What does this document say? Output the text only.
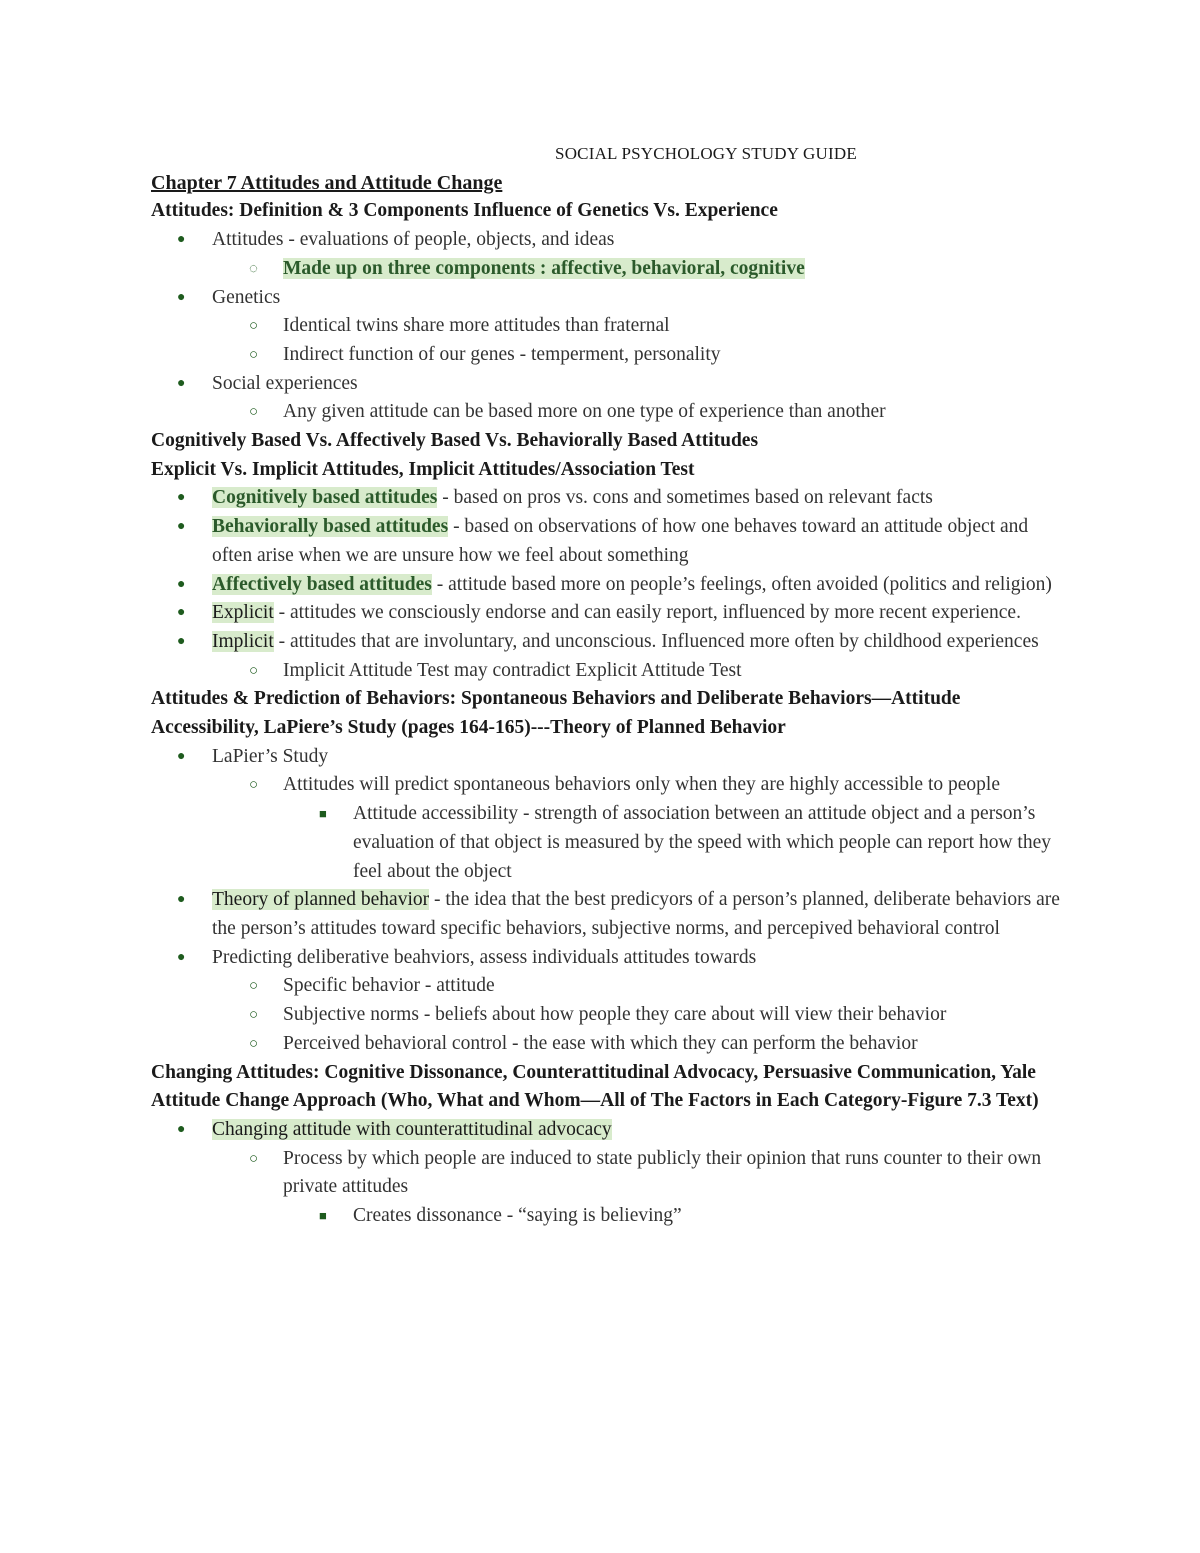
SOCIAL PSYCHOLOGY STUDY GUIDE
Chapter 7 Attitudes and Attitude Change
Attitudes: Definition & 3 Components Influence of Genetics Vs. Experience
● Attitudes - evaluations of people, objects, and ideas
◌ Made up on three components : affective, behavioral, cognitive
● Genetics
○ Identical twins share more attitudes than fraternal
○ Indirect function of our genes - temperment, personality
● Social experiences
○ Any given attitude can be based more on one type of experience than another
Cognitively Based Vs. Affectively Based Vs. Behaviorally Based Attitudes
Explicit Vs. Implicit Attitudes, Implicit Attitudes/Association Test
● Cognitively based attitudes - based on pros vs. cons and sometimes based on relevant facts
● Behaviorally based attitudes - based on observations of how one behaves toward an attitude object and often arise when we are unsure how we feel about something
● Affectively based attitudes - attitude based more on people’s feelings, often avoided (politics and religion)
● Explicit - attitudes we consciously endorse and can easily report, influenced by more recent experience.
● Implicit - attitudes that are involuntary, and unconscious. Influenced more often by childhood experiences
○ Implicit Attitude Test may contradict Explicit Attitude Test
Attitudes & Prediction of Behaviors: Spontaneous Behaviors and Deliberate Behaviors—Attitude Accessibility, LaPiere’s Study (pages 164-165)---Theory of Planned Behavior
● LaPier’s Study
○ Attitudes will predict spontaneous behaviors only when they are highly accessible to people
■ Attitude accessibility - strength of association between an attitude object and a person’s evaluation of that object is measured by the speed with which people can report how they feel about the object
● Theory of planned behavior - the idea that the best predicyors of a person’s planned, deliberate behaviors are the person’s attitudes toward specific behaviors, subjective norms, and percepived behavioral control
● Predicting deliberative beahviors, assess individuals attitudes towards
○ Specific behavior - attitude
○ Subjective norms - beliefs about how people they care about will view their behavior
○ Perceived behavioral control - the ease with which they can perform the behavior
Changing Attitudes: Cognitive Dissonance, Counterattitudinal Advocacy, Persuasive Communication, Yale Attitude Change Approach (Who, What and Whom—All of The Factors in Each Category-Figure 7.3 Text)
● Changing attitude with counterattitudinal advocacy
○ Process by which people are induced to state publicly their opinion that runs counter to their own private attitudes
■ Creates dissonance - “saying is believing”
